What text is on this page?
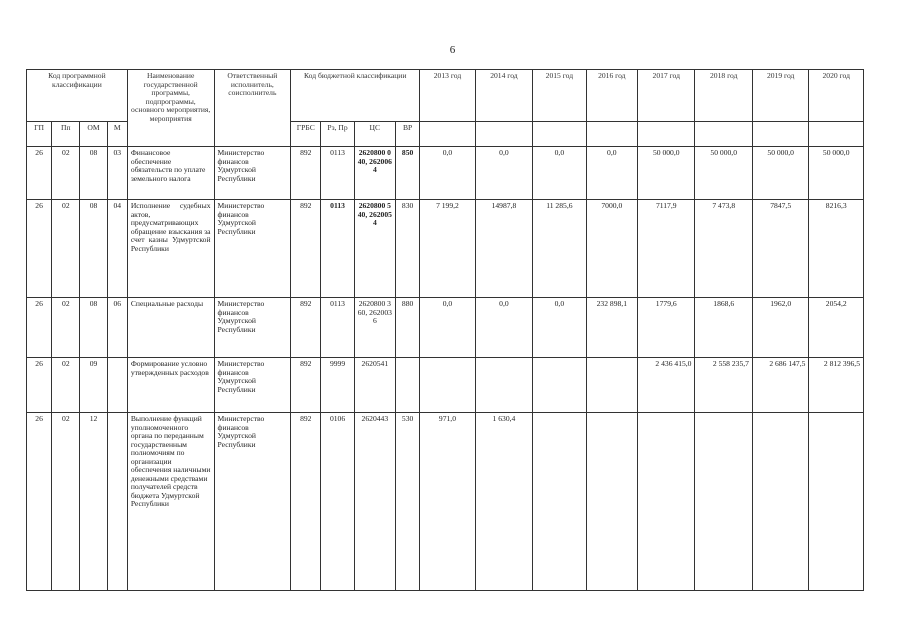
6
Код программной классификации				Наименование государственной программы, подпрограммы, основного мероприятия, мероприятия	Ответственный исполнитель, соисполнитель	Код бюджетной классификации				2013 год	2014 год	2015 год	2016 год	2017 год	2018 год	2019 год	2020 год
ГП	Пп	ОМ	М			ГРБС	Рз, Пр	ЦС	ВР								
26	02	08	03	Финансовое обеспечение обязательств по уплате земельного налога	Министерство финансов Удмуртской Республики	892	0113	2620800 040, 2620064	850	0,0	0,0	0,0	0,0	50 000,0	50 000,0	50 000,0	50 000,0
26	02	08	04	Исполнение судебных актов, предусматривающих обращение взыскания за счет казны Удмуртской Республики	Министерство финансов Удмуртской Республики	892	0113	2620800 540, 2620054	830	7 199,2	14987,8	11 285,6	7000,0	7117,9	7 473,8	7847,5	8216,3
26	02	08	06	Специальные расходы	Министерство финансов Удмуртской Республики	892	0113	2620800 360, 2620036	880	0,0	0,0	0,0	232 898,1	1779,6	1868,6	1962,0	2054,2
26	02	09		Формирование условно утвержденных расходов	Министерство финансов Удмуртской Республики	892	9999	2620541						2 436 415,0	2 558 235,7	2 686 147,5	2 812 396,5
26	02	12		Выполнение функций уполномоченного органа по переданным государственным полномочиям по организации обеспечения наличными денежными средствами получателей средств бюджета Удмуртской Республики	Министерство финансов Удмуртской Республики	892	0106	2620443	530	971,0	1 630,4						
